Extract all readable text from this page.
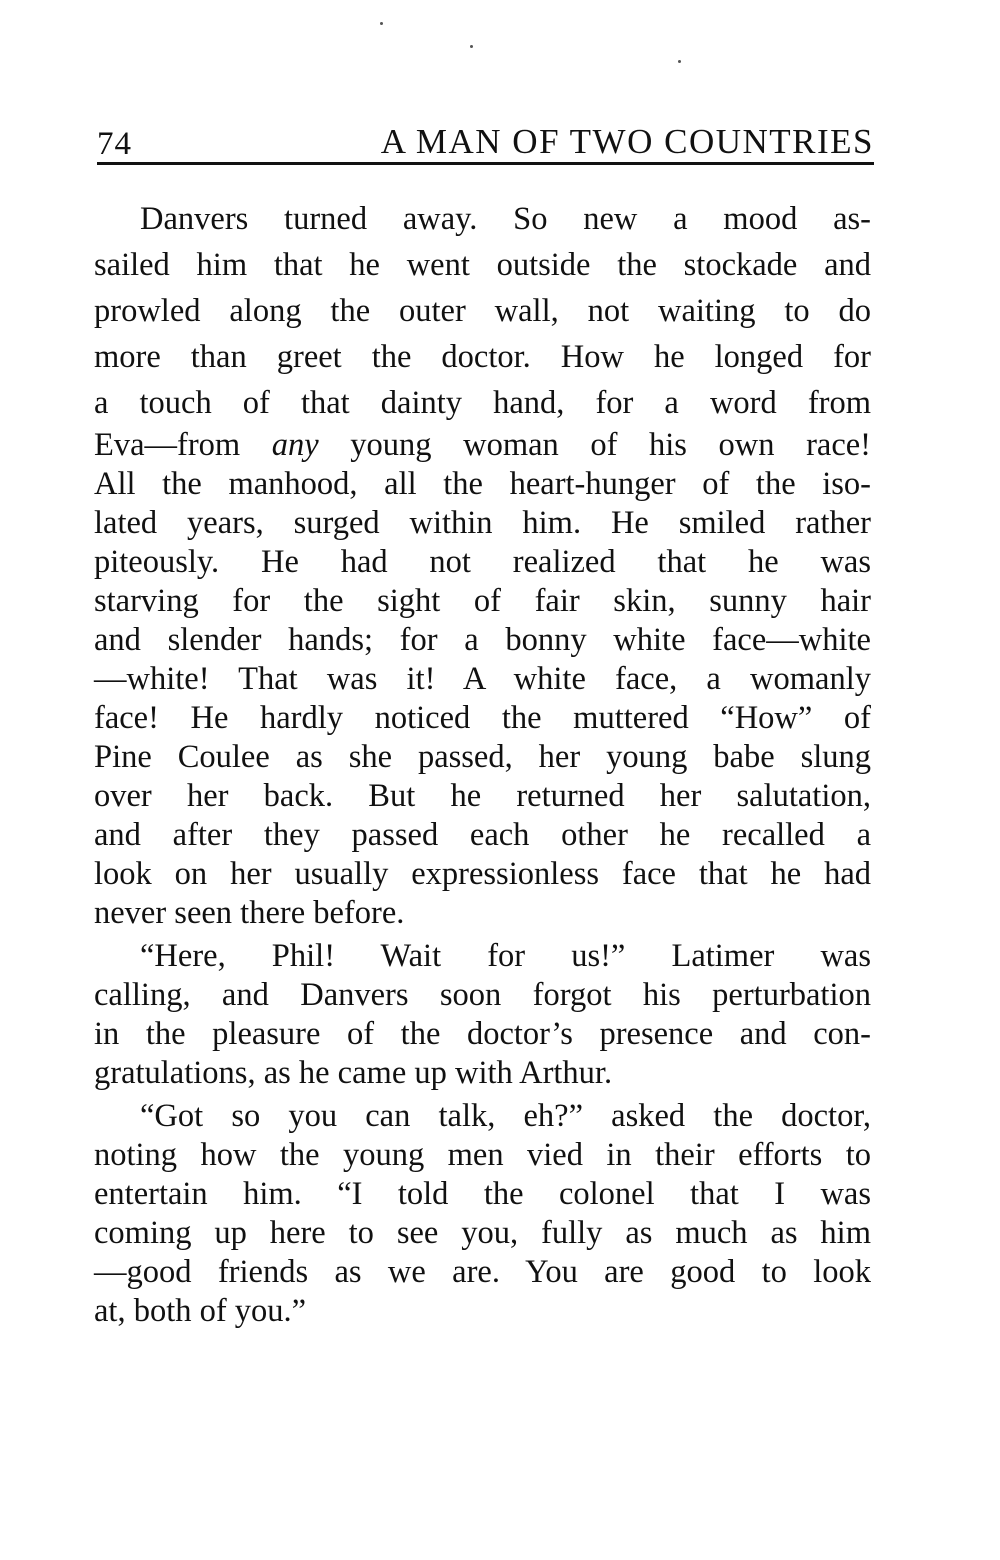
74	A MAN OF TWO COUNTRIES
Danvers turned away. So new a mood as-
sailed him that he went outside the stockade and
prowled along the outer wall, not waiting to do
more than greet the doctor. How he longed for
a touch of that dainty hand, for a word from
Eva—from any young woman of his own race!
All the manhood, all the heart-hunger of the iso-
lated years, surged within him. He smiled rather
piteously. He had not realized that he was
starving for the sight of fair skin, sunny hair
and slender hands; for a bonny white face—white
—white! That was it! A white face, a womanly
face! He hardly noticed the muttered “How” of
Pine Coulee as she passed, her young babe slung
over her back. But he returned her salutation,
and after they passed each other he recalled a
look on her usually expressionless face that he had
never seen there before.
“Here, Phil! Wait for us!” Latimer was
calling, and Danvers soon forgot his perturbation
in the pleasure of the doctor’s presence and con-
gratulations, as he came up with Arthur.
“Got so you can talk, eh?” asked the doctor,
noting how the young men vied in their efforts to
entertain him. “I told the colonel that I was
coming up here to see you, fully as much as him
—good friends as we are. You are good to look
at, both of you.”
